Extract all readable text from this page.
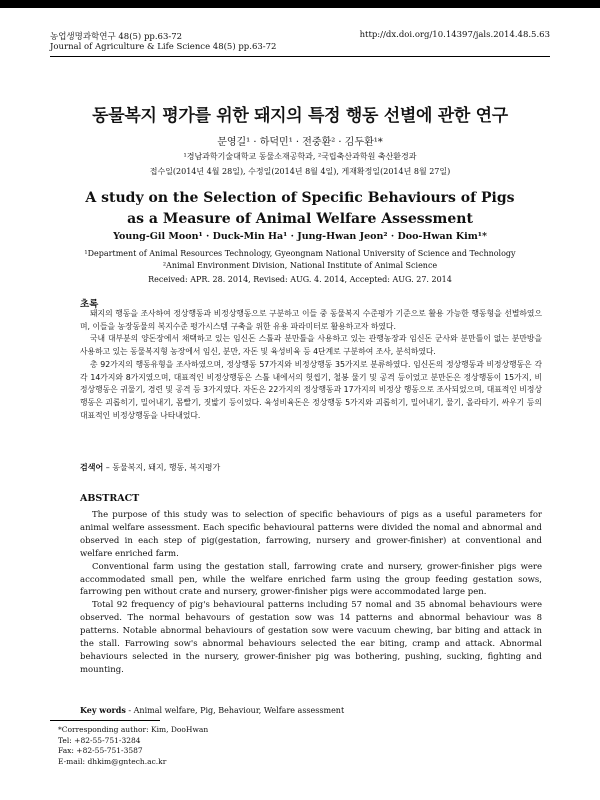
농업생명과학연구 48(5) pp.63-72	http://dx.doi.org/10.14397/jals.2014.48.5.63
Journal of Agriculture & Life Science 48(5) pp.63-72
동물복지 평가를 위한 돼지의 특정 행동 선별에 관한 연구
문영길¹ · 하덕민¹ · 전중환² · 김두환¹*
¹경남과학기술대학교 동물소재공학과, ²국립축산과학원 축산환경과
접수일(2014년 4월 28일), 수정일(2014년 8월 4일), 게재확정일(2014년 8월 27일)
A study on the Selection of Specific Behaviours of Pigs
as a Measure of Animal Welfare Assessment
Young-Gil Moon¹ · Duck-Min Ha¹ · Jung-Hwan Jeon² · Doo-Hwan Kim¹*
¹Department of Animal Resources Technology, Gyeongnam National University of Science and Technology
²Animal Environment Division, National Institute of Animal Science
Received: APR. 28. 2014, Revised: AUG. 4. 2014, Accepted: AUG. 27. 2014
초록

돼지의 행동을 조사하여 정상행동과 비정상행동으로 구분하고 이들 중 동물복지 수준평가 기준으로 활용 가능한 행동형을 선별하였으며, 이들을 농장동물의 복지수준 평가시스템 구축을 위한 유용 파라미터로 활용하고자 하였다.

국내 대부분의 양돈장에서 채택하고 있는 임신돈 스톨과 분만틀을 사용하고 있는 관행농장과 임신돈 군사와 분만틀이 없는 분만방을 사용하고 있는 동물복지형 농장에서 임신, 분만, 자돈 및 육성비육 등 4단계로 구분하여 조사, 분석하였다.

총 92가지의 행동유형을 조사하였으며, 정상행동 57가지와 비정상행동 35가지로 분류하였다. 임신돈의 정상행동과 비정상행동은 각각 14가지와 8가지였으며, 대표적인 비정상행동은 스톨 내에서의 헛씹기, 철봉 물기 및 공격 등이었고 분만돈은 정상행동이 15가지, 비정상행동은 귀물기, 경련 및 공격 등 3가지였다. 자돈은 22가지의 정상행동과 17가지의 비정상 행동으로 조사되었으며, 대표적인 비정상행동은 괴롭히기, 밀어내기, 몸빨기, 짓밟기 등이었다. 육성비육돈은 정상행동 5가지와 괴롭히기, 밀어내기, 물기, 올라타기, 싸우기 등의 대표적인 비정상행동을 나타내었다.

검색어 – 동물복지, 돼지, 행동, 복지평가
ABSTRACT

The purpose of this study was to selection of specific behaviours of pigs as a useful parameters for animal welfare assessment. Each specific behavioural patterns were divided the nomal and abnormal and observed in each step of pig(gestation, farrowing, nursery and grower-finisher) at conventional and welfare enriched farm.

Conventional farm using the gestation stall, farrowing crate and nursery, grower-finisher pigs were accommodated small pen, while the welfare enriched farm using the group feeding gestation sows, farrowing pen without crate and nursery, grower-finisher pigs were accommodated large pen.

Total 92 frequency of pig's behavioural patterns including 57 nomal and 35 abnomal behaviours were observed. The normal behavours of gestation sow was 14 patterns and abnormal behaviour was 8 patterns. Notable abnormal behaviours of gestation sow were vacuum chewing, bar biting and attack in the stall. Farrowing sow's abnormal behaviours selected the ear biting, cramp and attack. Abnormal behaviours selected in the nursery, grower-finisher pig was bothering, pushing, sucking, fighting and mounting.

Key words - Animal welfare, Pig, Behaviour, Welfare assessment
*Corresponding author: Kim, DooHwan
Tel: +82-55-751-3284
Fax: +82-55-751-3587
E-mail: dhkim@gntech.ac.kr
